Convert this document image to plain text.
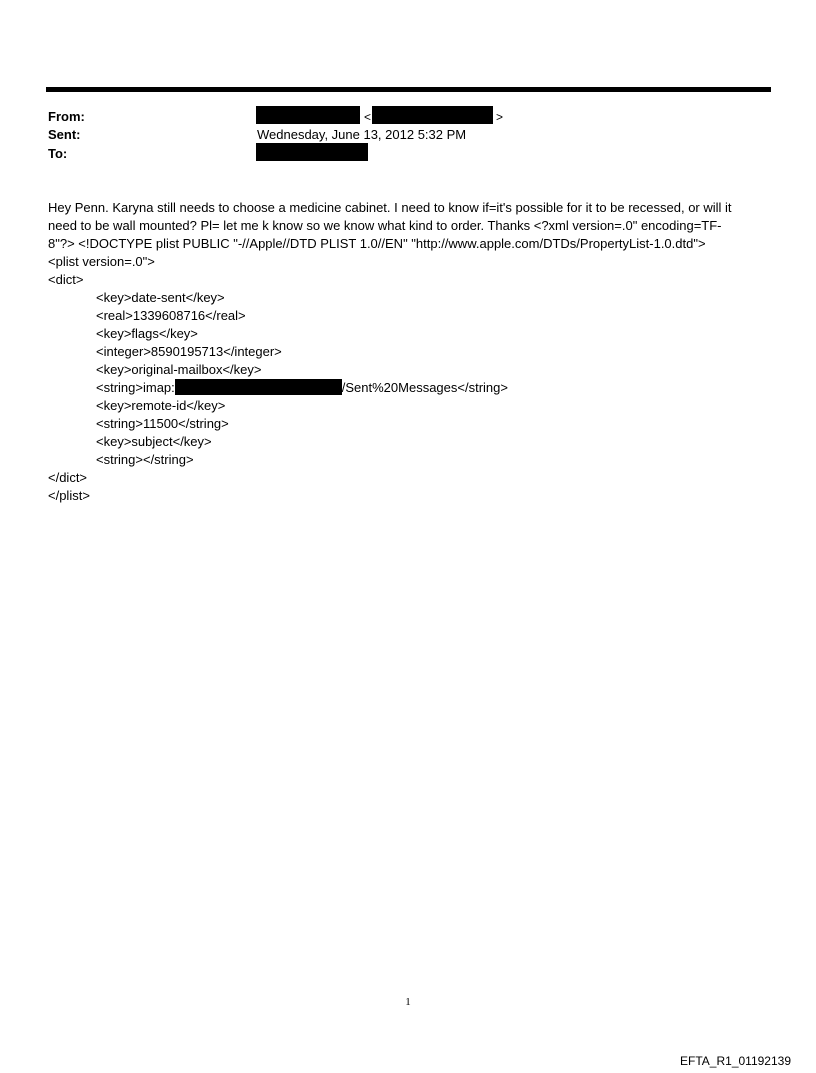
From:
Sent:
To:
<	>
Wednesday, June 13, 2012 5:32 PM
Hey Penn. Karyna still needs to choose a medicine cabinet. I need to know if=it's possible for it to be recessed, or will it
need to be wall mounted? Pl= let me k know so we know what kind to order. Thanks <?xml version=.0" encoding=TF-
8"?> <!DOCTYPE plist PUBLIC "-//Apple//DTD PLIST 1.0//EN" "http://www.apple.com/DTDs/PropertyList-1.0.dtd">
<plist version=.0">
<dict>
<key>date-sent</key>
<real>1339608716</real>
<key>flags</key>
<integer>8590195713</integer>
<key>original-mailbox</key>
<string>imap:	/Sent%20Messages</string>
<key>remote-id</key>
<string>11500</string>
<key>subject</key>
<string></string>
</dict>
</plist>
1
EFTA_R1_01192139
